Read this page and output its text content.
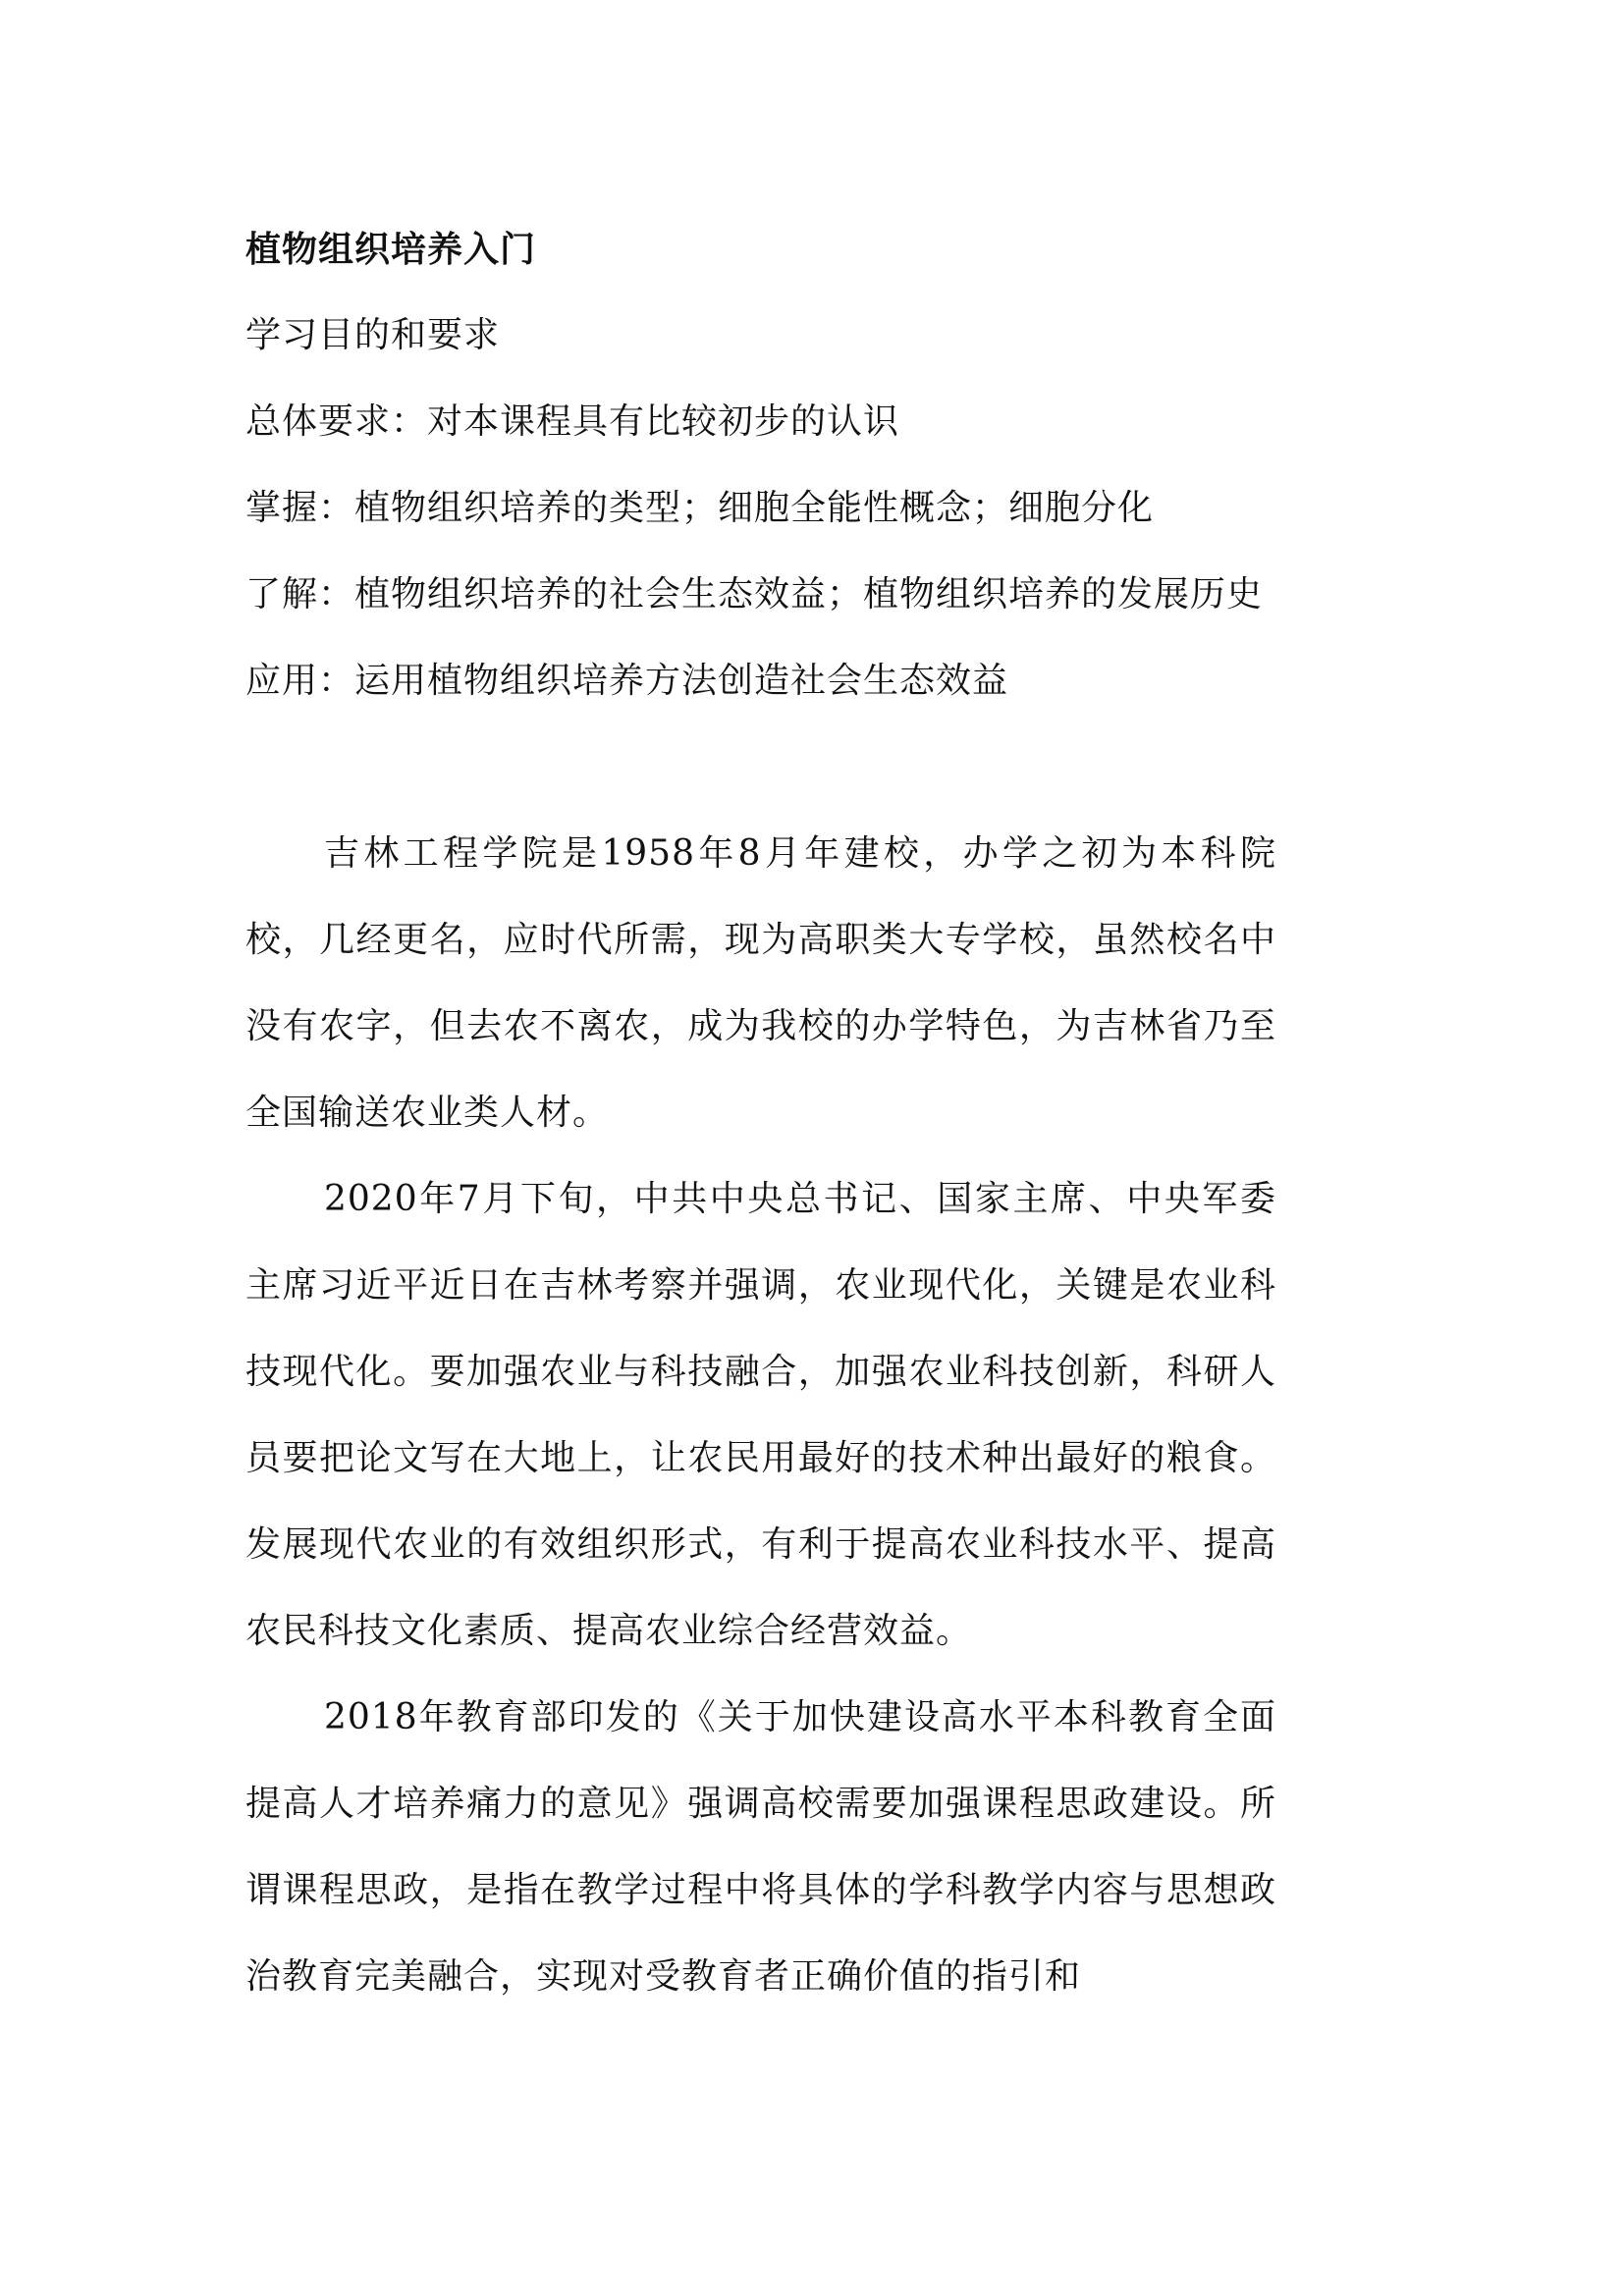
植物组织培养入门

学习目的和要求

总体要求：对本课程具有比较初步的认识

掌握：植物组织培养的类型；细胞全能性概念；细胞分化

了解：植物组织培养的社会生态效益；植物组织培养的发展历史

应用：运用植物组织培养方法创造社会生态效益

吉林工程学院是1958年8月年建校，办学之初为本科院校，几经更名，应时代所需，现为高职类大专学校，虽然校名中没有农字，但去农不离农，成为我校的办学特色，为吉林省乃至全国输送农业类人材。

2020年7月下旬，中共中央总书记、国家主席、中央军委主席习近平近日在吉林考察并强调，农业现代化，关键是农业科技现代化。要加强农业与科技融合，加强农业科技创新，科研人员要把论文写在大地上，让农民用最好的技术种出最好的粮食。发展现代农业的有效组织形式，有利于提高农业科技水平、提高农民科技文化素质、提高农业综合经营效益。

2018年教育部印发的《关于加快建设高水平本科教育全面提高人才培养痛力的意见》强调高校需要加强课程思政建设。所谓课程思政，是指在教学过程中将具体的学科教学内容与思想政治教育完美融合，实现对受教育者正确价值的指引和
